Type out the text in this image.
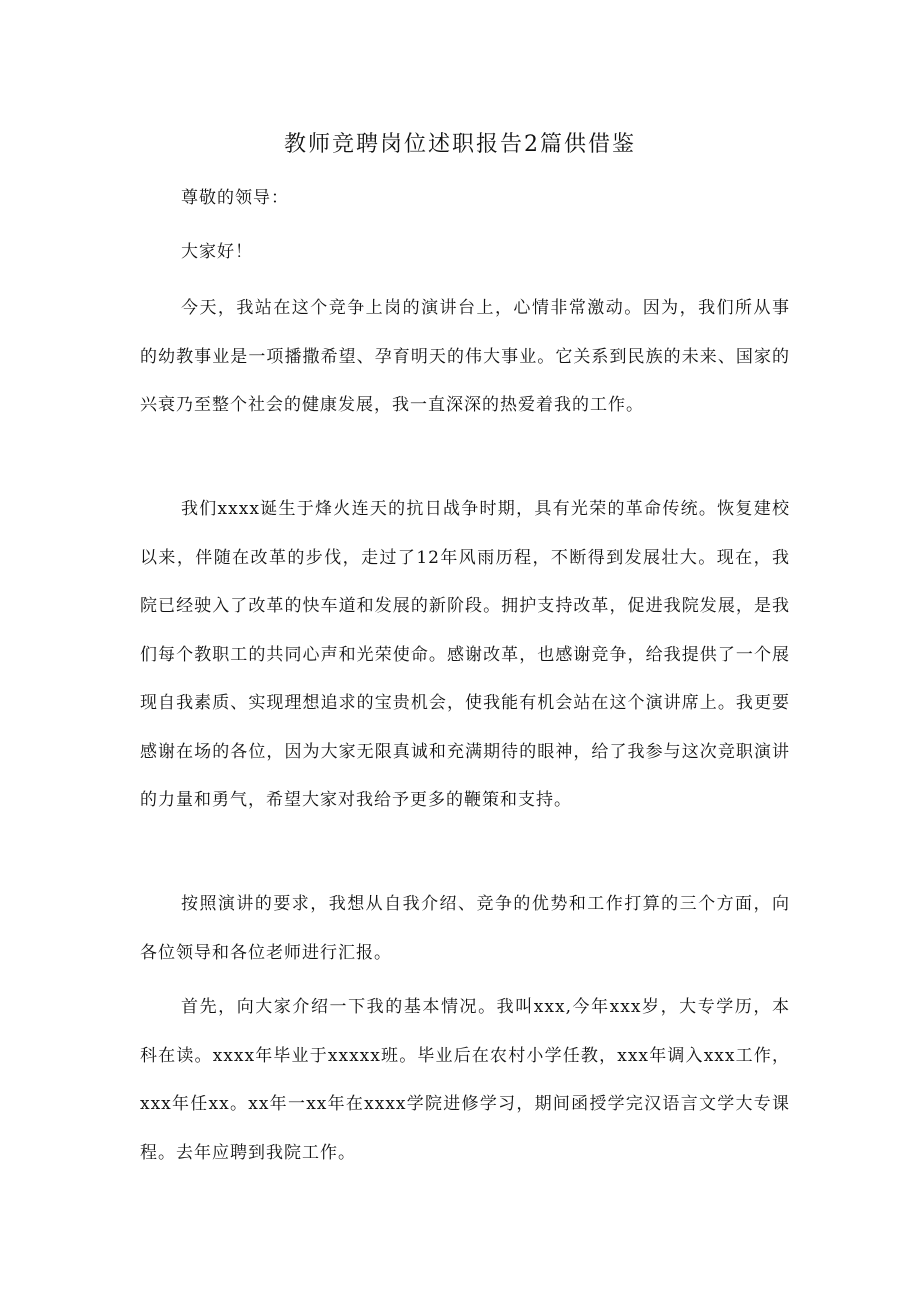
教师竞聘岗位述职报告2篇供借鉴
尊敬的领导：
大家好！

今天，我站在这个竞争上岗的演讲台上，心情非常激动。因为，我们所从事的幼教事业是一项播撒希望、孕育明天的伟大事业。它关系到民族的未来、国家的兴衰乃至整个社会的健康发展，我一直深深的热爱着我的工作。

我们xxxx诞生于烽火连天的抗日战争时期，具有光荣的革命传统。恢复建校以来，伴随在改革的步伐，走过了12年风雨历程，不断得到发展壮大。现在，我院已经驶入了改革的快车道和发展的新阶段。拥护支持改革，促进我院发展，是我们每个教职工的共同心声和光荣使命。感谢改革，也感谢竞争，给我提供了一个展现自我素质、实现理想追求的宝贵机会，使我能有机会站在这个演讲席上。我更要感谢在场的各位，因为大家无限真诚和充满期待的眼神，给了我参与这次竞职演讲的力量和勇气，希望大家对我给予更多的鞭策和支持。

按照演讲的要求，我想从自我介绍、竞争的优势和工作打算的三个方面，向各位领导和各位老师进行汇报。

首先，向大家介绍一下我的基本情况。我叫xxx,今年xxx岁，大专学历，本科在读。xxxx年毕业于xxxxx班。毕业后在农村小学任教，xxx年调入xxx工作，xxx年任xx。xx年一xx年在xxxx学院进修学习，期间函授学完汉语言文学大专课程。去年应聘到我院工作。
